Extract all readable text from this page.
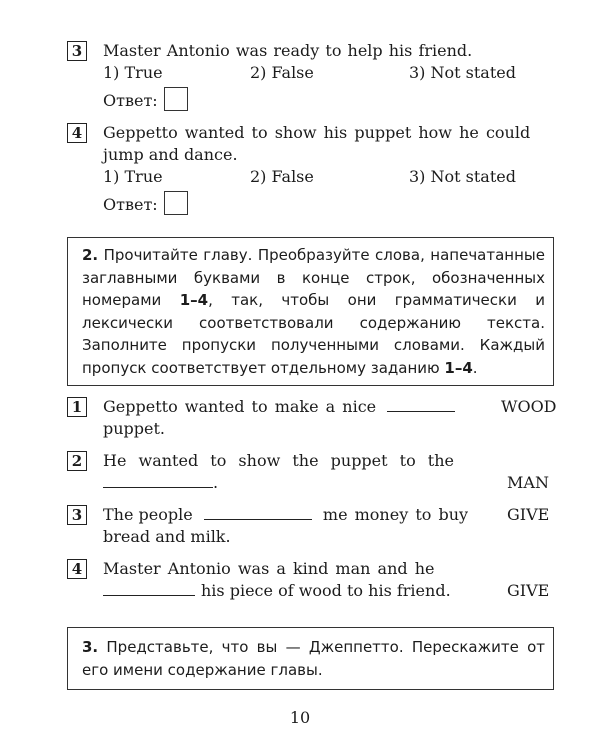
3 Master Antonio was ready to help his friend.
1) True	2) False	3) Not stated
Ответ:
4 Geppetto wanted to show his puppet how he could
jump and dance.
1) True	2) False	3) Not stated
Ответ:
2. Прочитайте главу. Преобразуйте слова, напечатанные заглавными буквами в конце строк, обозначенных номерами 1–4, так, чтобы они грамматически и лексически соответствовали содержанию текста. Заполните пропуски полученными словами. Каждый пропуск соответствует отдельному заданию 1–4.
1 Geppetto wanted to make a nice
puppet.
WOOD
2 He wanted to show the puppet to the
.	MAN
3 The people	me money to buy
bread and milk.
GIVE
4 Master Antonio was a kind man and he
his piece of wood to his friend.	GIVE
3. Представьте, что вы — Джеппетто. Перескажите от его имени содержание главы.
10
